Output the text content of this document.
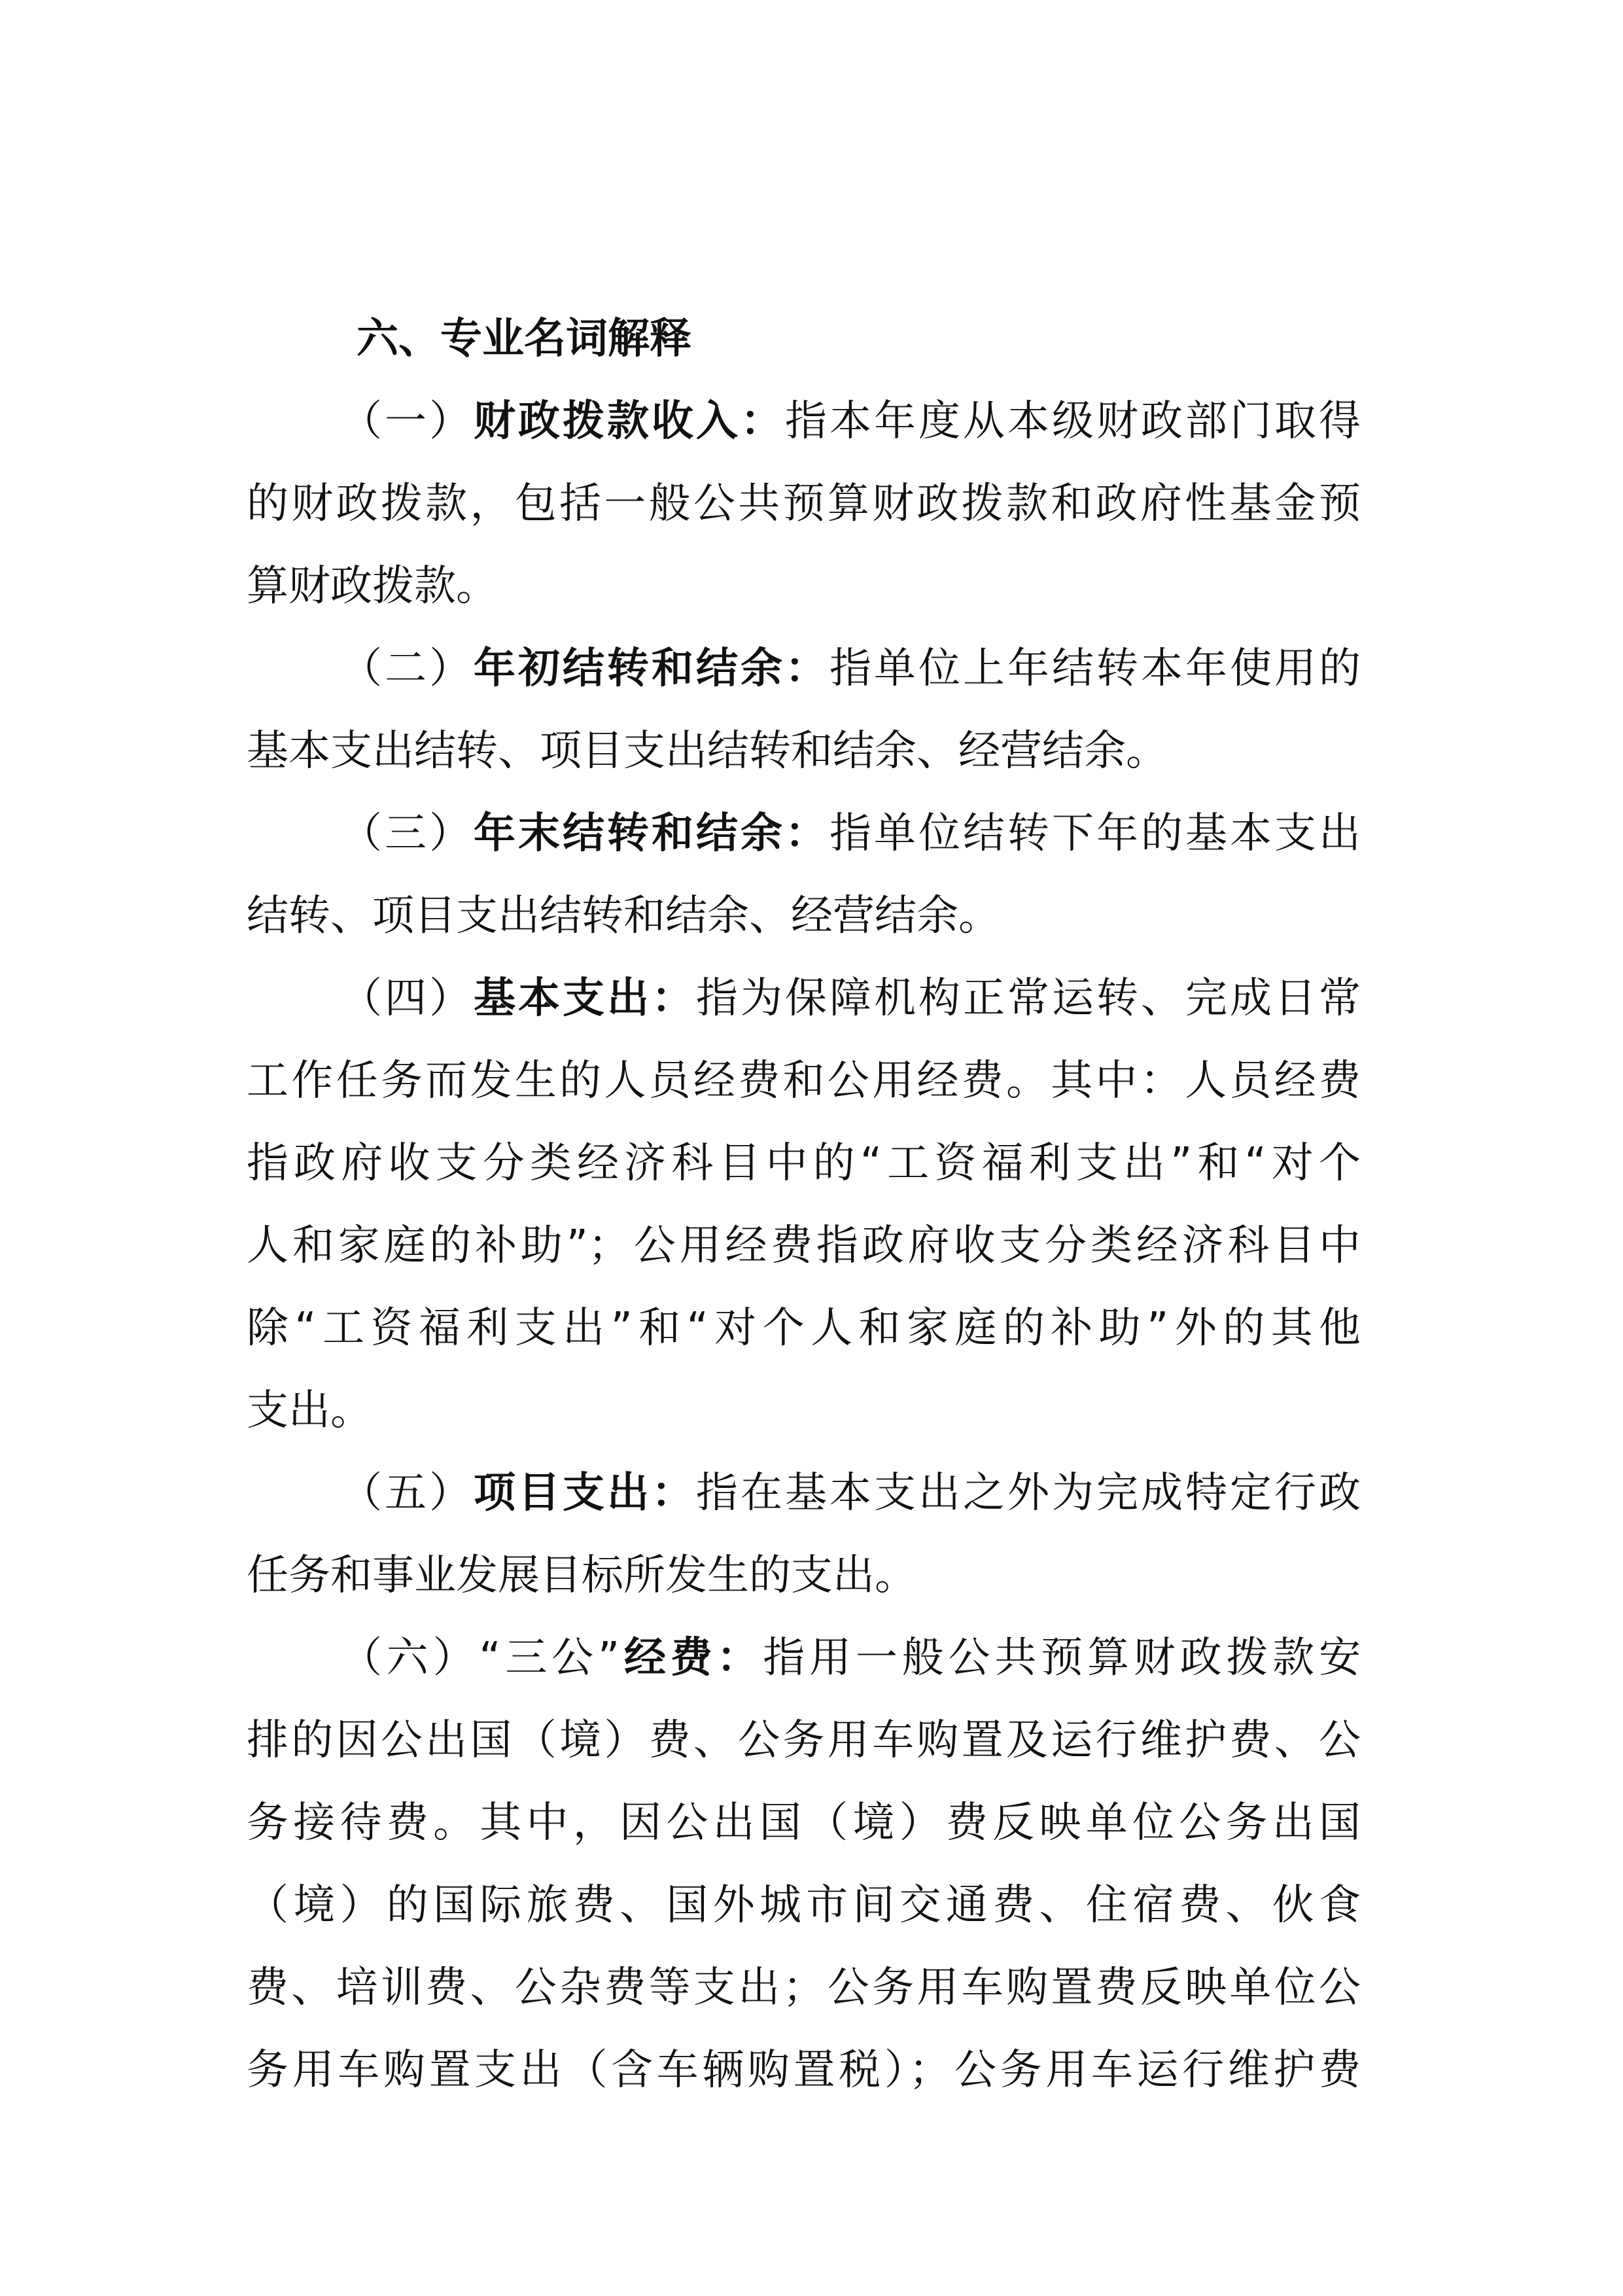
六、专业名词解释
（一）财政拨款收入：指本年度从本级财政部门取得
的财政拨款，包括一般公共预算财政拨款和政府性基金预
算财政拨款。
（二）年初结转和结余：指单位上年结转本年使用的
基本支出结转、项目支出结转和结余、经营结余。
（三）年末结转和结余：指单位结转下年的基本支出
结转、项目支出结转和结余、经营结余。
（四）基本支出：指为保障机构正常运转、完成日常
工作任务而发生的人员经费和公用经费。其中：人员经费
指政府收支分类经济科目中的“工资福利支出”和“对个
人和家庭的补助”；公用经费指政府收支分类经济科目中
除“工资福利支出”和“对个人和家庭的补助”外的其他
支出。
（五）项目支出：指在基本支出之外为完成特定行政
任务和事业发展目标所发生的支出。
（六）“三公”经费：指用一般公共预算财政拨款安
排的因公出国（境）费、公务用车购置及运行维护费、公
务接待费。其中，因公出国（境）费反映单位公务出国
（境）的国际旅费、国外城市间交通费、住宿费、伙食
费、培训费、公杂费等支出；公务用车购置费反映单位公
务用车购置支出（含车辆购置税）；公务用车运行维护费
